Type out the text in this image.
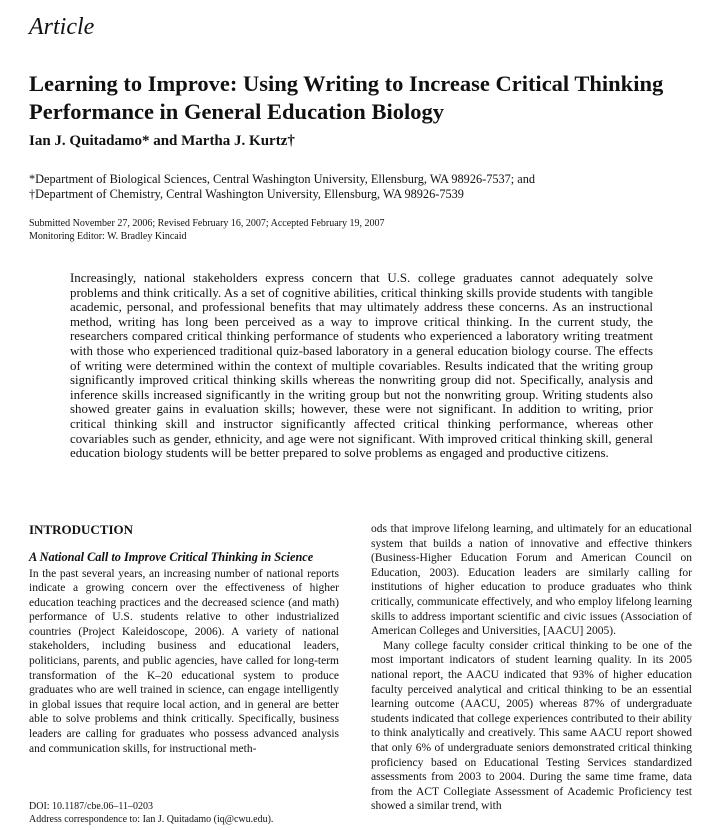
Article
Learning to Improve: Using Writing to Increase Critical Thinking Performance in General Education Biology
Ian J. Quitadamo* and Martha J. Kurtz†
*Department of Biological Sciences, Central Washington University, Ellensburg, WA 98926-7537; and
†Department of Chemistry, Central Washington University, Ellensburg, WA 98926-7539
Submitted November 27, 2006; Revised February 16, 2007; Accepted February 19, 2007
Monitoring Editor: W. Bradley Kincaid
Increasingly, national stakeholders express concern that U.S. college graduates cannot adequately solve problems and think critically. As a set of cognitive abilities, critical thinking skills provide students with tangible academic, personal, and professional benefits that may ultimately address these concerns. As an instructional method, writing has long been perceived as a way to improve critical thinking. In the current study, the researchers compared critical thinking performance of students who experienced a laboratory writing treatment with those who experienced traditional quiz-based laboratory in a general education biology course. The effects of writing were determined within the context of multiple covariables. Results indicated that the writing group significantly improved critical thinking skills whereas the nonwriting group did not. Specifically, analysis and inference skills increased significantly in the writing group but not the nonwriting group. Writing students also showed greater gains in evaluation skills; however, these were not significant. In addition to writing, prior critical thinking skill and instructor significantly affected critical thinking performance, whereas other covariables such as gender, ethnicity, and age were not significant. With improved critical thinking skill, general education biology students will be better prepared to solve problems as engaged and productive citizens.
INTRODUCTION
A National Call to Improve Critical Thinking in Science

In the past several years, an increasing number of national reports indicate a growing concern over the effectiveness of higher education teaching practices and the decreased science (and math) performance of U.S. students relative to other industrialized countries (Project Kaleidoscope, 2006). A variety of national stakeholders, including business and educational leaders, politicians, parents, and public agencies, have called for long-term transformation of the K–20 educational system to produce graduates who are well trained in science, can engage intelligently in global issues that require local action, and in general are better able to solve problems and think critically. Specifically, business leaders are calling for graduates who possess advanced analysis and communication skills, for instructional meth-

ods that improve lifelong learning, and ultimately for an educational system that builds a nation of innovative and effective thinkers (Business-Higher Education Forum and American Council on Education, 2003). Education leaders are similarly calling for institutions of higher education to produce graduates who think critically, communicate effectively, and who employ lifelong learning skills to address important scientific and civic issues (Association of American Colleges and Universities, [AACU] 2005).

Many college faculty consider critical thinking to be one of the most important indicators of student learning quality. In its 2005 national report, the AACU indicated that 93% of higher education faculty perceived analytical and critical thinking to be an essential learning outcome (AACU, 2005) whereas 87% of undergraduate students indicated that college experiences contributed to their ability to think analytically and creatively. This same AACU report showed that only 6% of undergraduate seniors demonstrated critical thinking proficiency based on Educational Testing Services standardized assessments from 2003 to 2004. During the same time frame, data from the ACT Collegiate Assessment of Academic Proficiency test showed a similar trend, with

DOI: 10.1187/cbe.06–11–0203
Address correspondence to: Ian J. Quitadamo (iq@cwu.edu).
